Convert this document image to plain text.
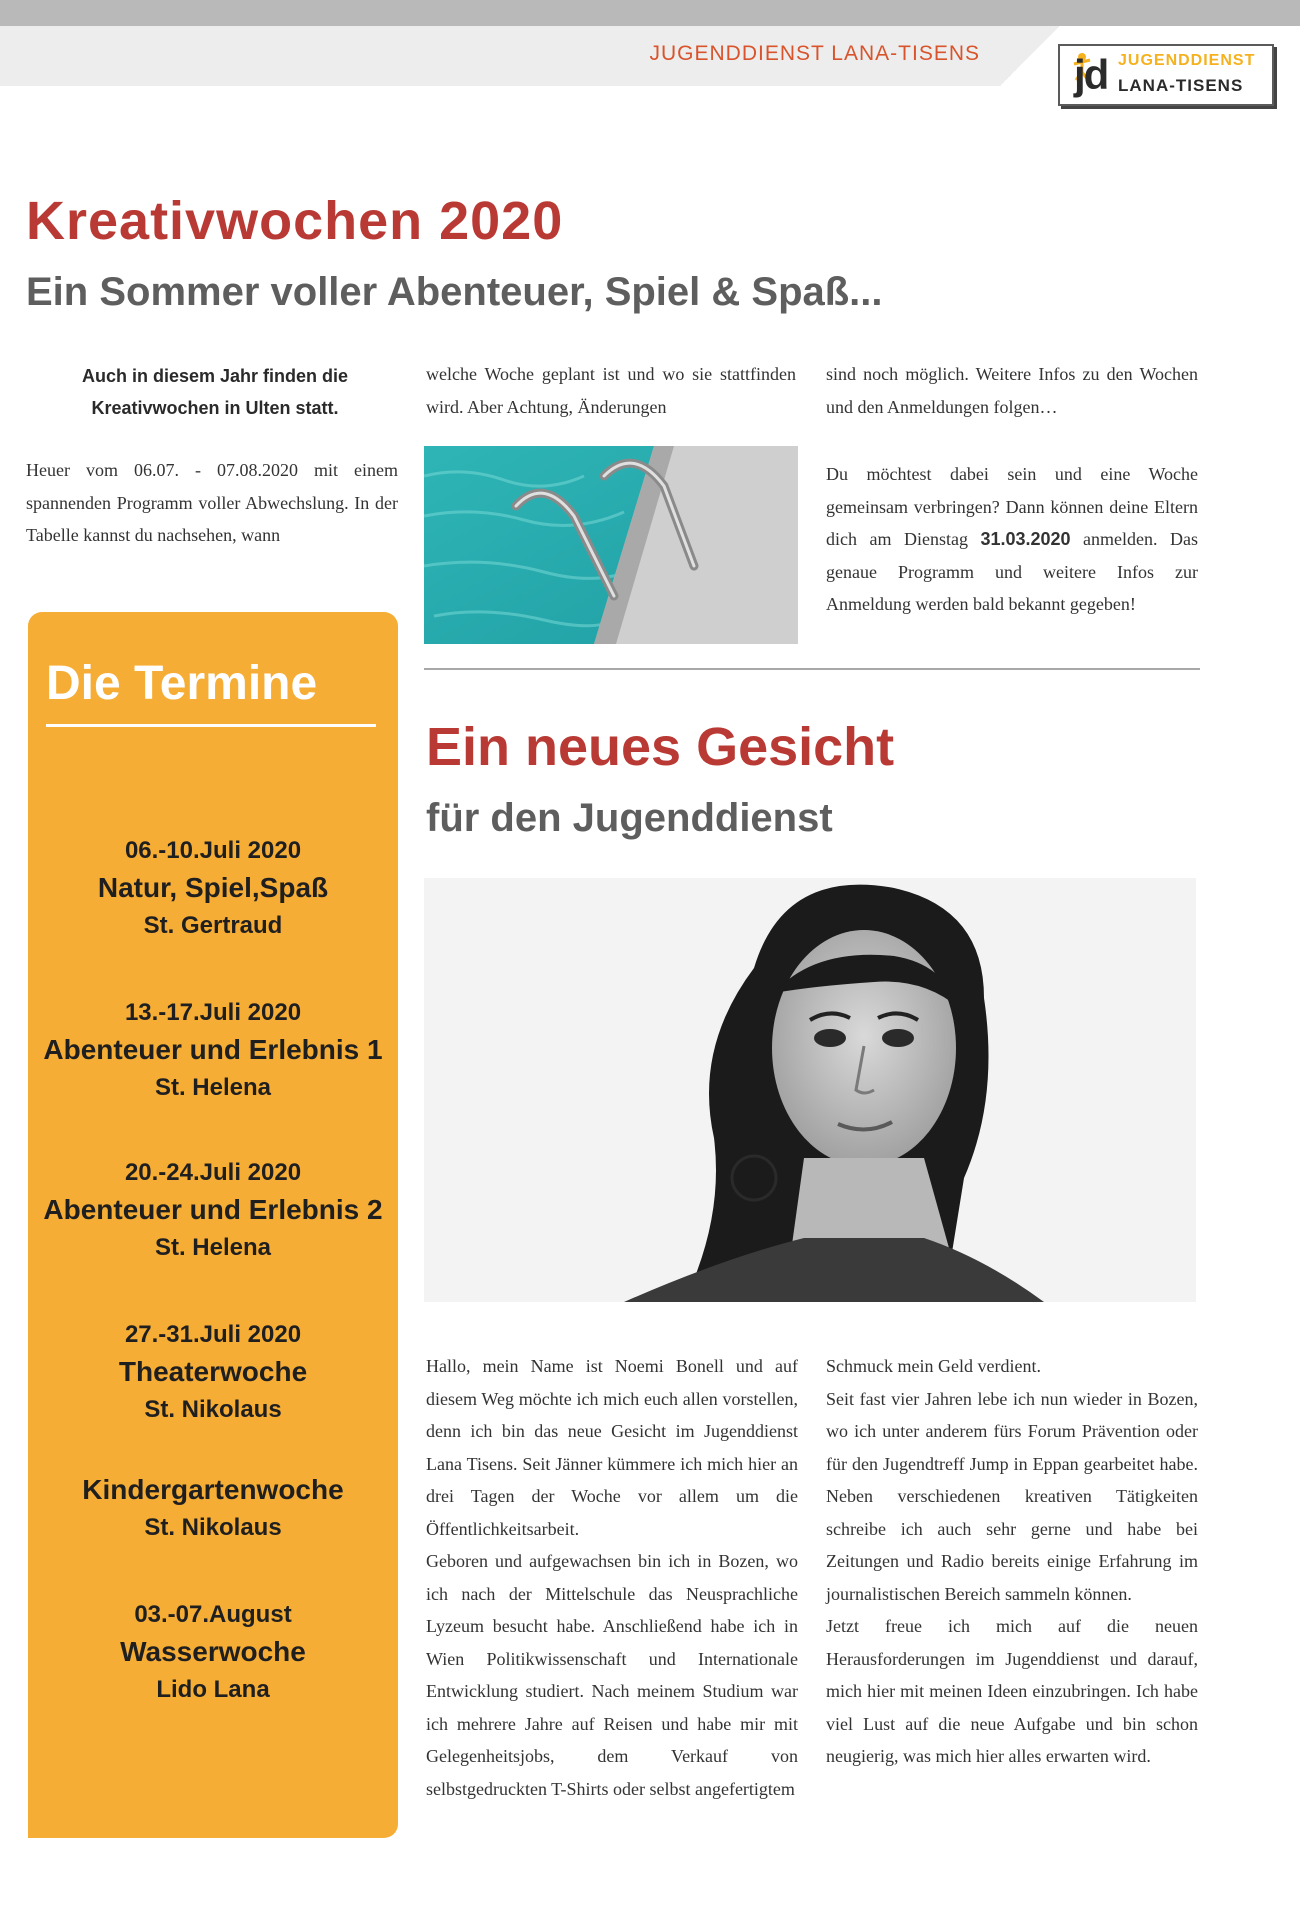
JUGENDDIENST LANA-TISENS jd JUGENDDIENST
LANA-TISENS
Kreativwochen 2020
Ein Sommer voller Abenteuer, Spiel & Spaß...
Auch in diesem Jahr finden die Kreativwochen in Ulten statt.
Heuer vom 06.07. - 07.08.2020 mit einem spannenden Programm voller Abwechslung. In der Tabelle kannst du nachsehen, wann
welche Woche geplant ist und wo sie stattfinden wird. Aber Achtung, Änderungen
sind noch möglich. Weitere Infos zu den Wochen und den Anmeldungen folgen…
Du möchtest dabei sein und eine Woche gemeinsam verbringen? Dann können deine Eltern dich am Dienstag 31.03.2020 anmelden. Das genaue Programm und weitere Infos zur Anmeldung werden bald bekannt gegeben!
Die Termine
06.-10.Juli 2020
Natur, Spiel,Spaß
St. Gertraud
13.-17.Juli 2020
Abenteuer und Erlebnis 1
St. Helena
20.-24.Juli 2020
Abenteuer und Erlebnis 2
St. Helena
27.-31.Juli 2020
Theaterwoche
St. Nikolaus
Kindergartenwoche
St. Nikolaus
03.-07.August
Wasserwoche
Lido Lana
Ein neues Gesicht
für den Jugenddienst

Hallo, mein Name ist Noemi Bonell und auf diesem Weg möchte ich mich euch allen vorstellen, denn ich bin das neue Gesicht im Jugenddienst Lana Tisens. Seit Jänner kümmere ich mich hier an drei Tagen der Woche vor allem um die Öffentlichkeitsarbeit.

Geboren und aufgewachsen bin ich in Bozen, wo ich nach der Mittelschule das Neusprachliche Lyzeum besucht habe. Anschließend habe ich in Wien Politikwissenschaft und Internationale Entwicklung studiert. Nach meinem Studium war ich mehrere Jahre auf Reisen und habe mir mit Gelegenheitsjobs, dem Verkauf von selbstgedruckten T-Shirts oder selbst angefertigtem

Schmuck mein Geld verdient.

Seit fast vier Jahren lebe ich nun wieder in Bozen, wo ich unter anderem fürs Forum Prävention oder für den Jugendtreff Jump in Eppan gearbeitet habe. Neben verschiedenen kreativen Tätigkeiten schreibe ich auch sehr gerne und habe bei Zeitungen und Radio bereits einige Erfahrung im journalistischen Bereich sammeln können.

Jetzt freue ich mich auf die neuen Herausforderungen im Jugenddienst und darauf, mich hier mit meinen Ideen einzubringen. Ich habe viel Lust auf die neue Aufgabe und bin schon neugierig, was mich hier alles erwarten wird.
